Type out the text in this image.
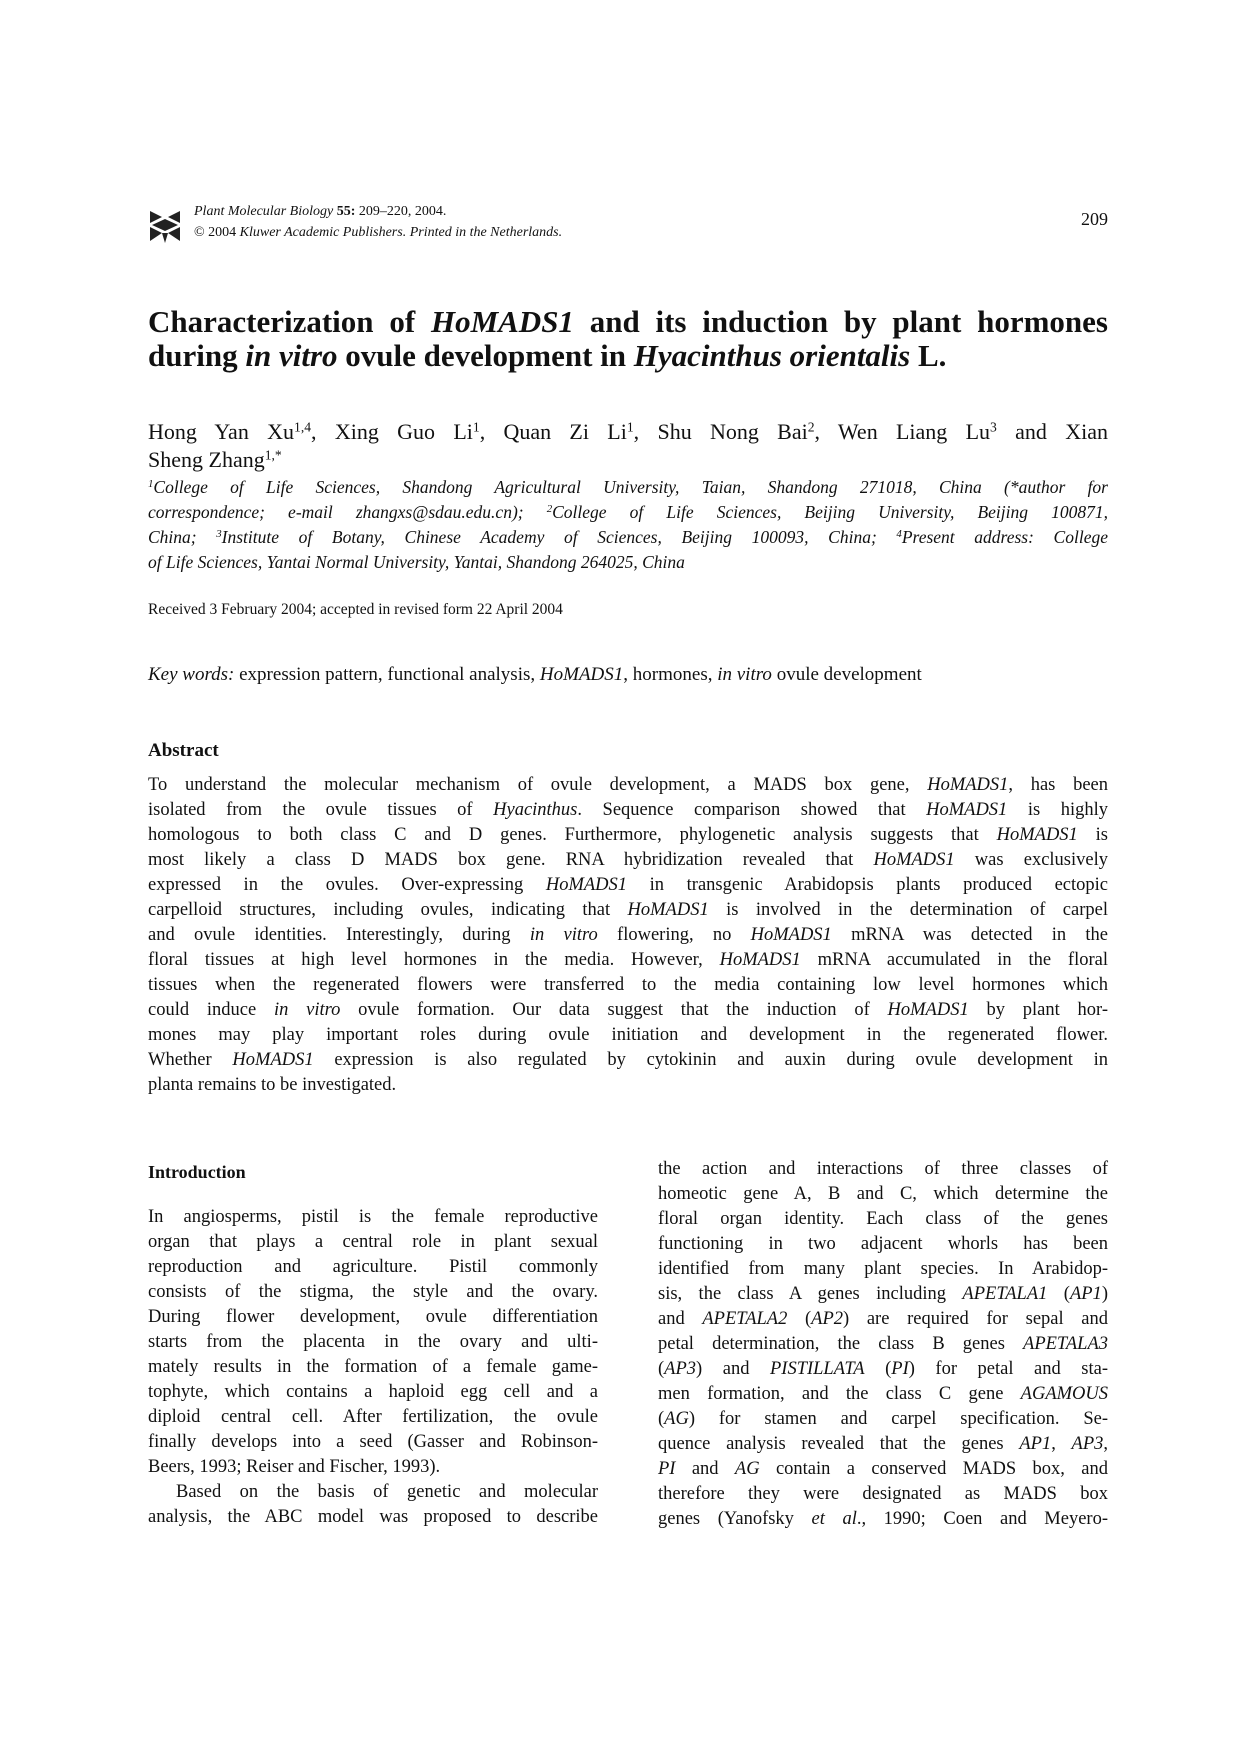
Plant Molecular Biology 55: 209–220, 2004.
© 2004 Kluwer Academic Publishers. Printed in the Netherlands.
209
Characterization of HoMADS1 and its induction by plant hormones
during in vitro ovule development in Hyacinthus orientalis L.
Hong Yan Xu$^{1,4}$, Xing Guo Li$^1$, Quan Zi Li$^1$, Shu Nong Bai$^2$, Wen Liang Lu$^3$ and Xian
Sheng Zhang$^{1,*}$
$^1$College of Life Sciences, Shandong Agricultural University, Taian, Shandong 271018, China (*author for
correspondence; e-mail zhangxs@sdau.edu.cn); $^2$College of Life Sciences, Beijing University, Beijing 100871,
China; $^3$Institute of Botany, Chinese Academy of Sciences, Beijing 100093, China; $^4$Present address: College
of Life Sciences, Yantai Normal University, Yantai, Shandong 264025, China
Received 3 February 2004; accepted in revised form 22 April 2004
Key words: expression pattern, functional analysis, HoMADS1, hormones, in vitro ovule development
Abstract
To understand the molecular mechanism of ovule development, a MADS box gene, HoMADS1, has been
isolated from the ovule tissues of Hyacinthus. Sequence comparison showed that HoMADS1 is highly
homologous to both class C and D genes. Furthermore, phylogenetic analysis suggests that HoMADS1 is
most likely a class D MADS box gene. RNA hybridization revealed that HoMADS1 was exclusively
expressed in the ovules. Over-expressing HoMADS1 in transgenic Arabidopsis plants produced ectopic
carpelloid structures, including ovules, indicating that HoMADS1 is involved in the determination of carpel
and ovule identities. Interestingly, during in vitro flowering, no HoMADS1 mRNA was detected in the
floral tissues at high level hormones in the media. However, HoMADS1 mRNA accumulated in the floral
tissues when the regenerated flowers were transferred to the media containing low level hormones which
could induce in vitro ovule formation. Our data suggest that the induction of HoMADS1 by plant hor-
mones may play important roles during ovule initiation and development in the regenerated flower.
Whether HoMADS1 expression is also regulated by cytokinin and auxin during ovule development in
planta remains to be investigated.
Introduction
In angiosperms, pistil is the female reproductive
organ that plays a central role in plant sexual
reproduction and agriculture. Pistil commonly
consists of the stigma, the style and the ovary.
During flower development, ovule differentiation
starts from the placenta in the ovary and ulti-
mately results in the formation of a female game-
tophyte, which contains a haploid egg cell and a
diploid central cell. After fertilization, the ovule
finally develops into a seed (Gasser and Robinson-
Beers, 1993; Reiser and Fischer, 1993).
Based on the basis of genetic and molecular
analysis, the ABC model was proposed to describe
the action and interactions of three classes of
homeotic gene A, B and C, which determine the
floral organ identity. Each class of the genes
functioning in two adjacent whorls has been
identified from many plant species. In Arabidop-
sis, the class A genes including APETALA1 (AP1)
and APETALA2 (AP2) are required for sepal and
petal determination, the class B genes APETALA3
(AP3) and PISTILLATA (PI) for petal and sta-
men formation, and the class C gene AGAMOUS
(AG) for stamen and carpel specification. Se-
quence analysis revealed that the genes AP1, AP3,
PI and AG contain a conserved MADS box, and
therefore they were designated as MADS box
genes (Yanofsky et al., 1990; Coen and Meyero-
